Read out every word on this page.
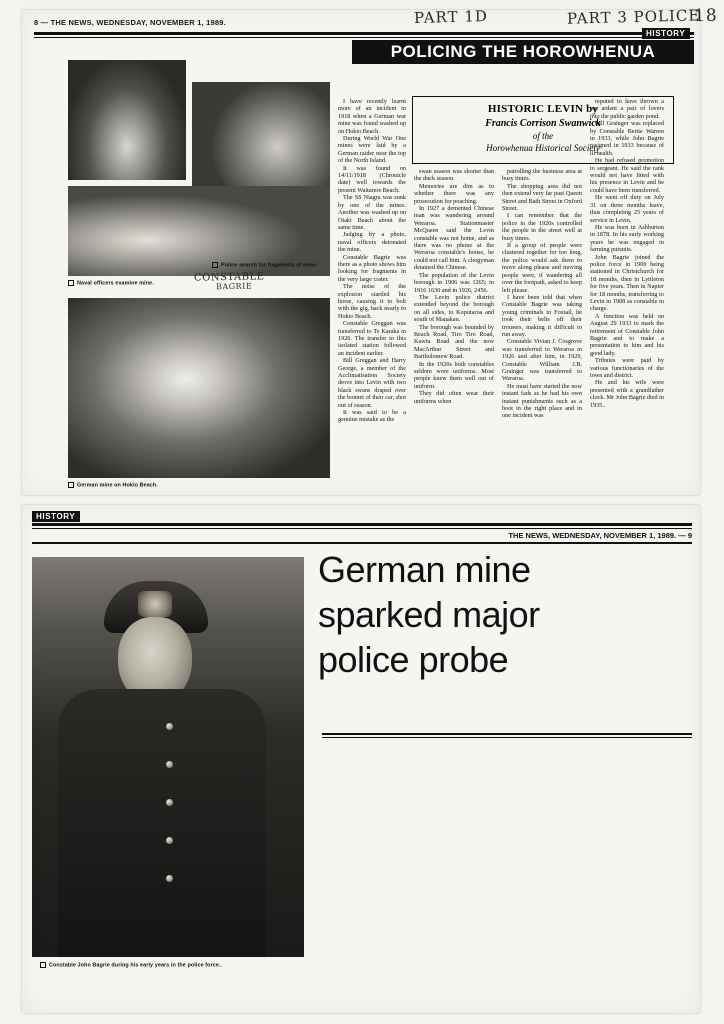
8 — THE NEWS, WEDNESDAY, NOVEMBER 1, 1989.
HISTORY
PART 1D	PART 3 POLICE
18
POLICING THE HOROWHENUA
Naval officers examine mine.
Police search for fragments of mine.
German mine on Hokio Beach.
CONSTABLE
BAGRIE
HISTORIC LEVIN by
Francis Corrison Swanwick
of the
Horowhenua Historical Society

I have recently learnt more of an incident in 1918 when a German war mine was found washed up on Hokio Beach.

During World War One mines were laid by a German raider near the top of the North Island.

It was found on 14/11/1918 (Chronicle date) well towards the present Waitarere Beach.

The SS Niagra was sunk by one of the mines. Another was washed up on Otaki Beach about the same time.

Judging by a photo, naval officers detonated the mine.

Constable Bagrie was there as a photo shows him looking for fragments in the very large crater.

The noise of the explosion startled his horse, causing it to bolt with the gig, back nearly to Hokio Beach.

Constable Greggan was transferred to Te Karaka in 1926. The transfer to this isolated station followed an incident earlier.

Bill Greggan and Harry George, a member of the Acclimatisation Society drove into Levin with two black swans draped over the bonnet of their car, shot out of season.

It was said to be a genuine mistake as the

swan season was shorter than the duck season.

Memories are dim as to whether there was any prosecution for poaching.

In 1927 a demented Chinese man was wandering around Weraroa. Stationmaster McQueen said the Levin constable was not home, and as there was no phone at the Weraroa constable's house, he could not call him. A clergyman detained the Chinese.

The population of the Levin borough in 1906 was 1265; in 1916 1630 and in 1926, 2456.

The Levin police district extended beyond the borough on all sides, to Koputaroa and south of Manakau.

The borough was bounded by Beach Road, Tiro Tiro Road, Kawiu Road and the now MacArthur Street and Bartholomew Road.

In the 1920s both constables seldom wore uniforms. Most people knew them well out of uniform.

They did often wear their uniforms when

patrolling the business area at busy times.

The shopping area did not then extend very far past Queen Street and Bath Street in Oxford Street.

I can remember that the police in the 1920s controlled the people in the street well at busy times.

If a group of people were clustered together for too long, the police would ask them to move along please and moving people were, if wandering all over the footpath, asked to keep left please.

I have been told that when Constable Bagrie was taking young criminals to Foxtail, he took their belts off their trousers, making it difficult to run away.

Constable Vivian J. Cosgrove was transferred to Weraroa in 1926 and after him, in 1929, Constable William J.B. Grainger was transferred to Weraroa.

He must have started the now instant fads as he had his own instant punishments such as a boot in the right place and in one incident was

reputed to have thrown a too ardent a pair of lovers into the public garden pond.

Bill Grainger was replaced by Constable Bertie Warren in 1933, while John Bagrie resigned in 1933 because of ill health.

He had refused promotion to sergeant. He said the rank would not have fitted with his presence in Levin and he could have been transferred.

He went off duty on July 31 on three months leave, thus completing 25 years of service in Levin.

He was born in Ashburton in 1878. In his early working years he was engaged in farming pursuits.

John Bagrie joined the police force in 1900 being stationed in Christchurch for 18 months, then in Lyttleton for five years. Then in Napier for 18 months, transferring to Levin in 1908 as constable in charge.

A function was held on August 29 1933 to mark the retirement of Constable John Bagrie and to make a presentation to him and his good lady.

Tributes were paid by various functionaries of the town and district.

He and his wife were presented with a grandfather clock. Mr John Bagrie died in 1935..

HISTORY
THE NEWS, WEDNESDAY, NOVEMBER 1, 1989. — 9
German mine
sparked major
police probe
Constable John Bagrie during his early years in the police force..
